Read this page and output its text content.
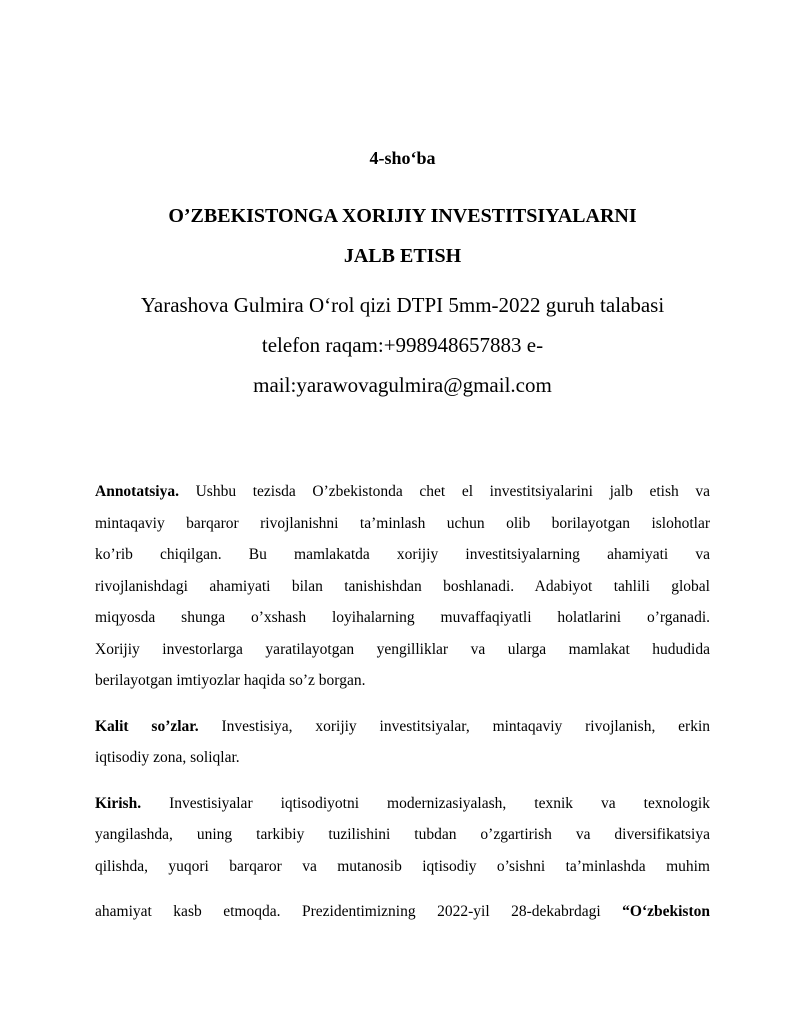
4-shoʻba
O’ZBEKISTONGA XORIJIY INVESTITSIYALARNI
JALB ETISH
Yarashova Gulmira Oʻrol qizi DTPI 5mm-2022 guruh talabasi
telefon raqam:+998948657883 e-
mail:yarawovagulmira@gmail.com
Annotatsiya. Ushbu tezisda O’zbekistonda chet el investitsiyalarini jalb etish va
mintaqaviy barqaror rivojlanishni ta’minlash uchun olib borilayotgan islohotlar
ko’rib chiqilgan. Bu mamlakatda xorijiy investitsiyalarning ahamiyati va
rivojlanishdagi ahamiyati bilan tanishishdan boshlanadi. Adabiyot tahlili global
miqyosda shunga o’xshash loyihalarning muvaffaqiyatli holatlarini o’rganadi.
Xorijiy investorlarga yaratilayotgan yengilliklar va ularga mamlakat hududida
berilayotgan imtiyozlar haqida so’z borgan.
Kalit so’zlar. Investisiya, xorijiy investitsiyalar, mintaqaviy rivojlanish, erkin
iqtisodiy zona, soliqlar.
Kirish. Investisiyalar iqtisodiyotni modernizasiyalash, texnik va texnologik
yangilashda, uning tarkibiy tuzilishini tubdan o’zgartirish va diversifikatsiya
qilishda, yuqori barqaror va mutanosib iqtisodiy o’sishni ta’minlashda muhim
ahamiyat kasb etmoqda. Prezidentimizning 2022-yil 28-dekabrdagi “Oʻzbekiston
